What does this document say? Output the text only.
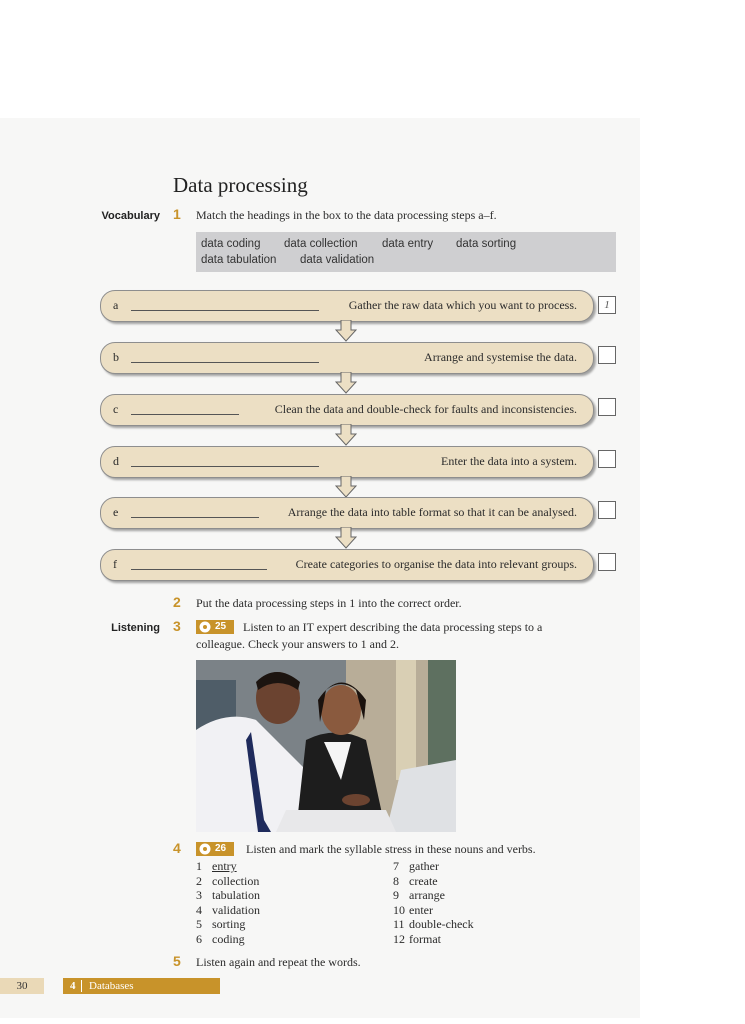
Data processing
Vocabulary 1 Match the headings in the box to the data processing steps a–f.
data coding data collection data entry data sorting
data tabulation data validation
a	Gather the raw data which you want to process.	1
b	Arrange and systemise the data.
c	Clean the data and double-check for faults and inconsistencies.
d	Enter the data into a system.
e	Arrange the data into table format so that it can be analysed.
f	Create categories to organise the data into relevant groups.
2 Put the data processing steps in 1 into the correct order.
Listening 3	25 Listen to an IT expert describing the data processing steps to a
colleague. Check your answers to 1 and 2.
4	26 Listen and mark the syllable stress in these nouns and verbs.
1 entry
2 collection
3 tabulation
4 validation
5 sorting
6 coding
7 gather
8 create
9 arrange
10 enter
11 double-check
12 format
5 Listen again and repeat the words.
30	4 Databases
